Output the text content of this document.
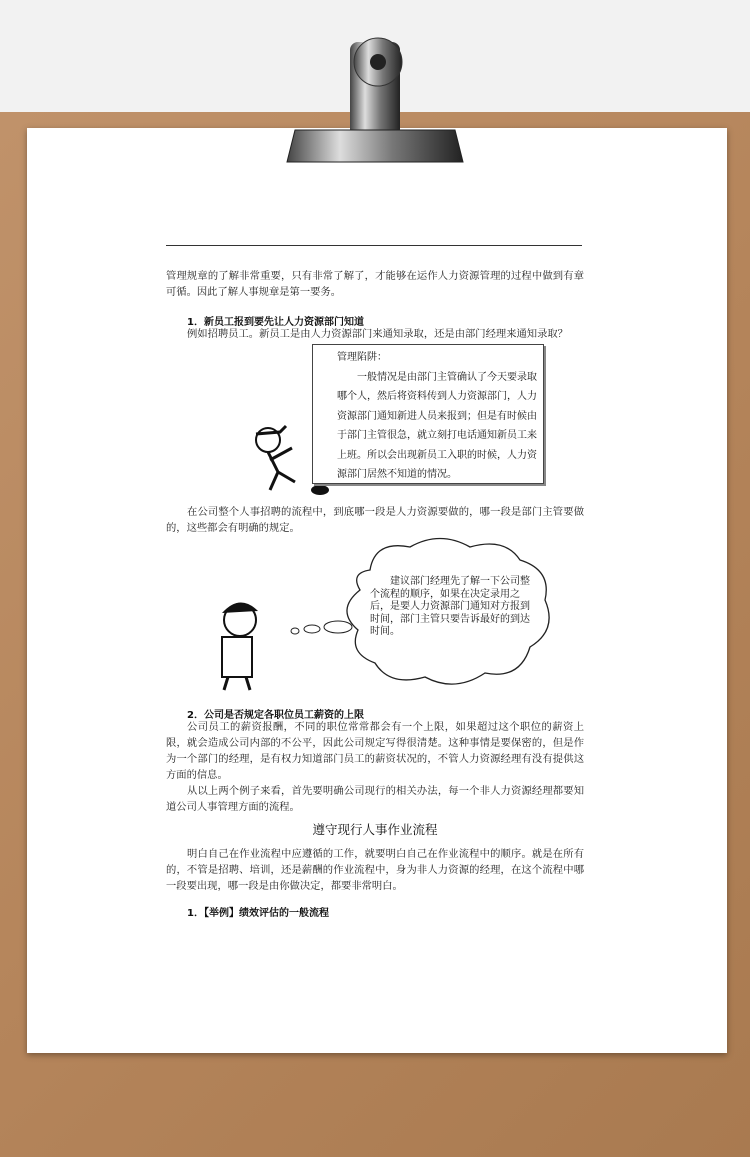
管理规章的了解非常重要，只有非常了解了，才能够在运作人力资源管理的过程中做到有章可循。因此了解人事规章是第一要务。
1．新员工报到要先让人力资源部门知道
例如招聘员工。新员工是由人力资源部门来通知录取，还是由部门经理来通知录取？
管理陷阱：
一般情况是由部门主管确认了今天要录取哪个人，然后将资料传到人力资源部门，人力资源部门通知新进人员来报到；但是有时候由于部门主管很急，就立刻打电话通知新员工来上班。所以会出现新员工入职的时候，人力资源部门居然不知道的情况。
在公司整个人事招聘的流程中，到底哪一段是人力资源要做的，哪一段是部门主管要做的，这些都会有明确的规定。
建议部门经理先了解一下公司整个流程的顺序，如果在决定录用之后，是要人力资源部门通知对方报到时间，部门主管只要告诉最好的到达时间。
2．公司是否规定各职位员工薪资的上限
公司员工的薪资报酬，不同的职位常常都会有一个上限，如果超过这个职位的薪资上限，就会造成公司内部的不公平，因此公司规定写得很清楚。这种事情是要保密的，但是作为一个部门的经理，是有权力知道部门员工的薪资状况的，不管人力资源经理有没有提供这方面的信息。
从以上两个例子来看，首先要明确公司现行的相关办法，每一个非人力资源经理都要知道公司人事管理方面的流程。
遵守现行人事作业流程
明白自己在作业流程中应遵循的工作，就要明白自己在作业流程中的顺序。就是在所有的，不管是招聘、培训，还是薪酬的作业流程中，身为非人力资源的经理，在这个流程中哪一段要出现，哪一段是由你做决定，都要非常明白。
1．【举例】绩效评估的一般流程
